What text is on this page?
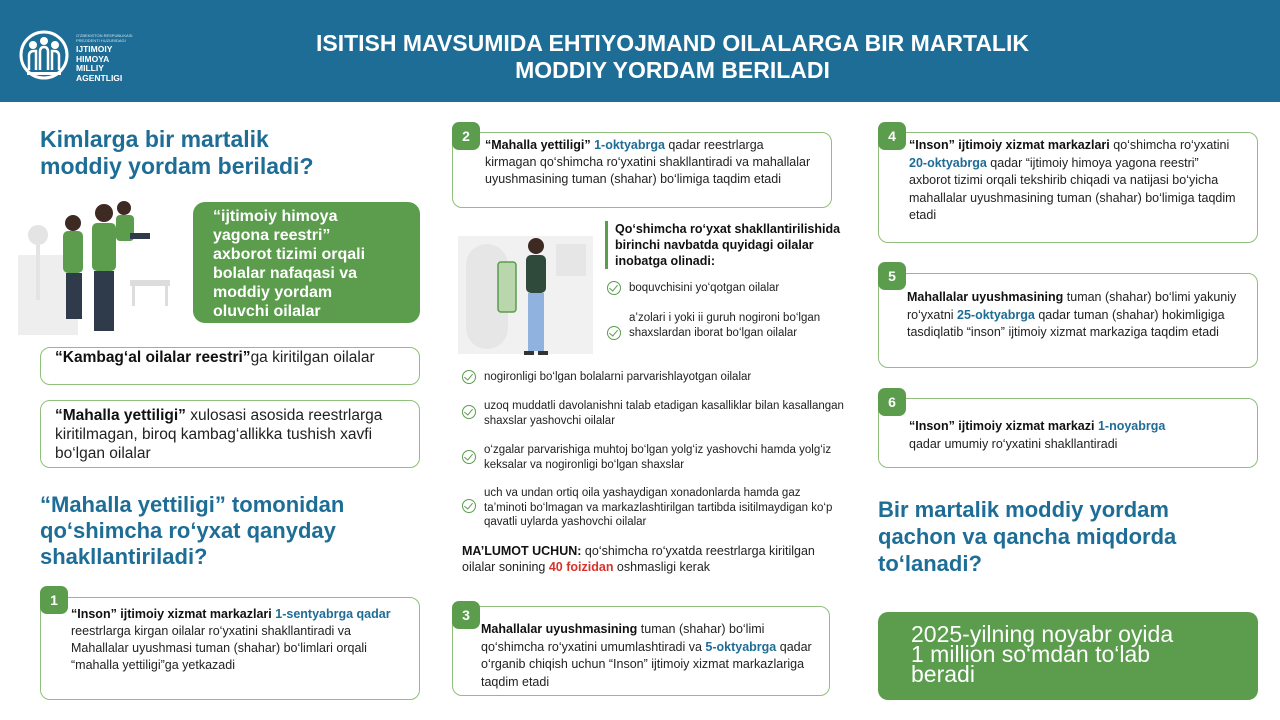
O'ZBEKISTON RESPUBLIKASI PREZIDENTI HUZURIDAGI
IJTIMOIY
HIMOYA
MILLIY
AGENTLIGI
ISITISH MAVSUMIDA EHTIYOJMAND OILALARGA BIR MARTALIK
MODDIY YORDAM BERILADI
Kimlarga bir martalik
moddiy yordam beriladi?
“ijtimoiy himoya
yagona reestri”
axborot tizimi orqali
bolalar nafaqasi va
moddiy yordam
oluvchi oilalar
“Kambag‘al oilalar reestri”ga kiritilgan oilalar
“Mahalla yettiligi” xulosasi asosida reestrlarga kiritilmagan, biroq kambag‘allikka tushish xavfi bo‘lgan oilalar
“Mahalla yettiligi” tomonidan
qo‘shimcha ro‘yxat qanyday
shakllantiriladi?
“Inson” ijtimoiy xizmat markazlari 1-sentyabrga qadar reestrlarga kirgan oilalar ro‘yxatini shakllantiradi va Mahallalar uyushmasi tuman (shahar) bo‘limlari orqali “mahalla yettiligi”ga yetkazadi
1
“Mahalla yettiligi” 1-oktyabrga qadar reestrlarga kirmagan qo‘shimcha ro‘yxatini shakllantiradi va mahallalar uyushmasining tuman (shahar) bo‘limiga taqdim etadi
2
Qo‘shimcha ro‘yxat shakllantirilishida birinchi navbatda quyidagi oilalar inobatga olinadi:
boquvchisini yo‘qotgan oilalar
a’zolari i yoki ii guruh nogironi bo‘lgan shaxslardan iborat bo‘lgan oilalar
nogironligi bo‘lgan bolalarni parvarishlayotgan oilalar
uzoq muddatli davolanishni talab etadigan kasalliklar bilan kasallangan shaxslar yashovchi oilalar
o‘zgalar parvarishiga muhtoj bo‘lgan yolg‘iz yashovchi hamda yolg‘iz keksalar va nogironligi bo‘lgan shaxslar
uch va undan ortiq oila yashaydigan xonadonlarda hamda gaz ta’minoti bo‘lmagan va markazlashtirilgan tartibda isitilmaydigan ko‘p qavatli uylarda yashovchi oilalar
MA’LUMOT UCHUN: qo‘shimcha ro‘yxatda reestrlarga kiritilgan oilalar sonining 40 foizidan oshmasligi kerak
Mahallalar uyushmasining tuman (shahar) bo‘limi qo‘shimcha ro‘yxatini umumlashtiradi va 5-oktyabrga qadar o‘rganib chiqish uchun “Inson” ijtimoiy xizmat markazlariga taqdim etadi
3
“Inson” ijtimoiy xizmat markazlari qo‘shimcha ro‘yxatini 20-oktyabrga qadar “ijtimoiy himoya yagona reestri” axborot tizimi orqali tekshirib chiqadi va natijasi bo‘yicha mahallalar uyushmasining tuman (shahar) bo‘limiga taqdim etadi
4
Mahallalar uyushmasining tuman (shahar) bo‘limi yakuniy ro‘yxatni 25-oktyabrga qadar tuman (shahar) hokimligiga tasdiqlatib “inson” ijtimoiy xizmat markaziga taqdim etadi
5
“Inson” ijtimoiy xizmat markazi 1-noyabrga
qadar umumiy ro‘yxatini shakllantiradi
6
Bir martalik moddiy yordam
qachon va qancha miqdorda
to‘lanadi?
2025-yilning noyabr oyida
1 million so‘mdan to‘lab
beradi
